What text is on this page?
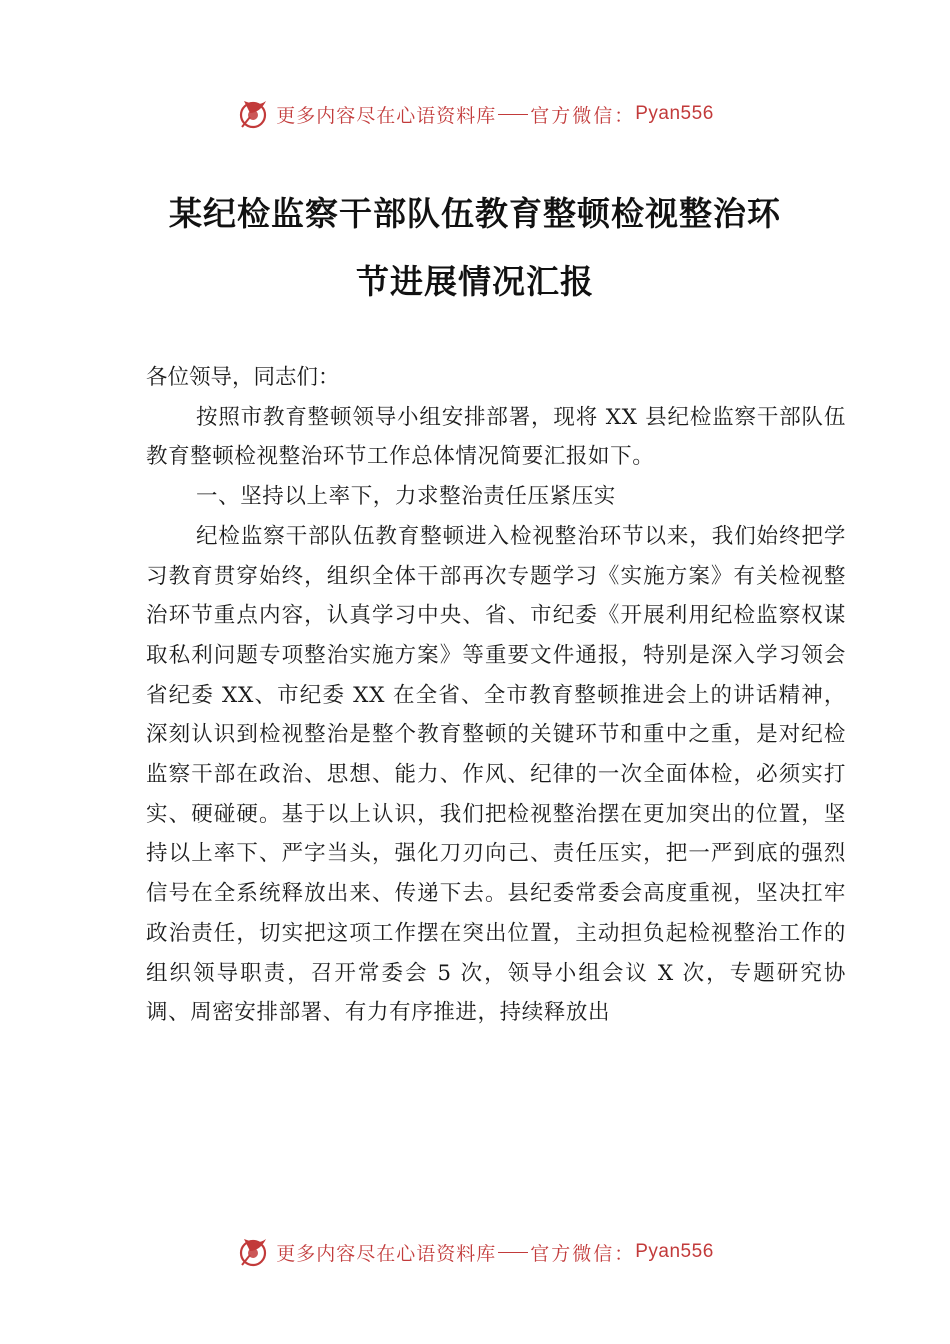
更多内容尽在心语资料库 官方微信： Pyan556
某纪检监察干部队伍教育整顿检视整治环
节进展情况汇报

各位领导，同志们：

按照市教育整顿领导小组安排部署，现将 XX 县纪检监察干部队伍教育整顿检视整治环节工作总体情况简要汇报如下。

一、坚持以上率下，力求整治责任压紧压实

纪检监察干部队伍教育整顿进入检视整治环节以来，我们始终把学习教育贯穿始终，组织全体干部再次专题学习《实施方案》有关检视整治环节重点内容，认真学习中央、省、市纪委《开展利用纪检监察权谋取私利问题专项整治实施方案》等重要文件通报，特别是深入学习领会省纪委 XX、市纪委 XX 在全省、全市教育整顿推进会上的讲话精神，深刻认识到检视整治是整个教育整顿的关键环节和重中之重，是对纪检监察干部在政治、思想、能力、作风、纪律的一次全面体检，必须实打实、硬碰硬。基于以上认识，我们把检视整治摆在更加突出的位置，坚持以上率下、严字当头，强化刀刃向己、责任压实，把一严到底的强烈信号在全系统释放出来、传递下去。县纪委常委会高度重视，坚决扛牢政治责任，切实把这项工作摆在突出位置，主动担负起检视整治工作的组织领导职责，召开常委会 5 次，领导小组会议 X 次，专题研究协调、周密安排部署、有力有序推进，持续释放出

更多内容尽在心语资料库 官方微信： Pyan556
